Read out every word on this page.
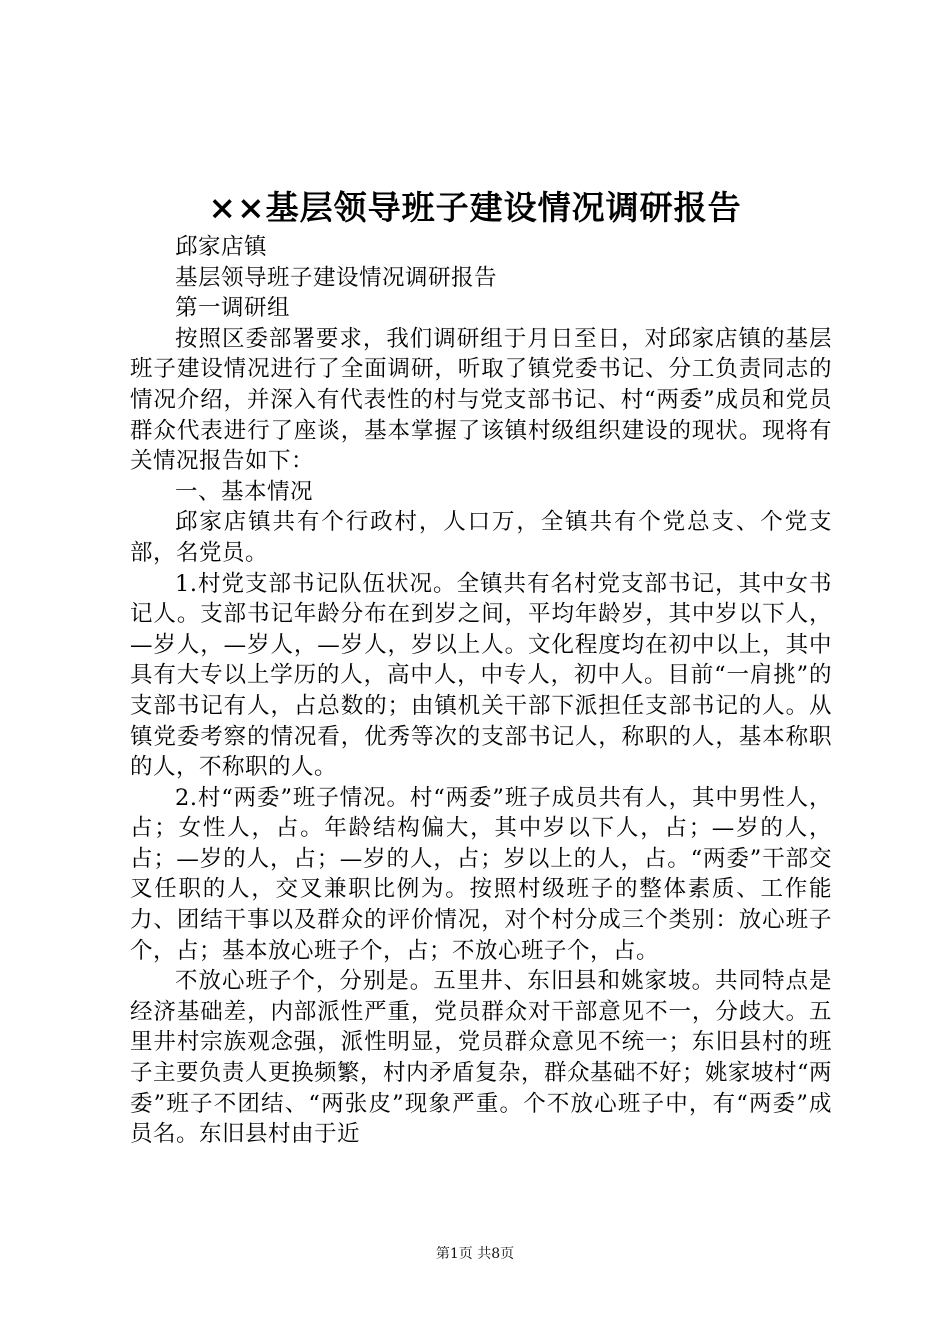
××基层领导班子建设情况调研报告

邱家店镇

基层领导班子建设情况调研报告

第一调研组

按照区委部署要求，我们调研组于月日至日，对邱家店镇的基层班子建设情况进行了全面调研，听取了镇党委书记、分工负责同志的情况介绍，并深入有代表性的村与党支部书记、村“两委”成员和党员群众代表进行了座谈，基本掌握了该镇村级组织建设的现状。现将有关情况报告如下：

一、基本情况

邱家店镇共有个行政村，人口万，全镇共有个党总支、个党支部，名党员。

1.村党支部书记队伍状况。全镇共有名村党支部书记，其中女书记人。支部书记年龄分布在到岁之间，平均年龄岁，其中岁以下人，—岁人，—岁人，—岁人，岁以上人。文化程度均在初中以上，其中具有大专以上学历的人，高中人，中专人，初中人。目前“一肩挑”的支部书记有人，占总数的；由镇机关干部下派担任支部书记的人。从镇党委考察的情况看，优秀等次的支部书记人，称职的人，基本称职的人，不称职的人。

2.村“两委”班子情况。村“两委”班子成员共有人，其中男性人，占；女性人，占。年龄结构偏大，其中岁以下人，占；—岁的人，占；—岁的人，占；—岁的人，占；岁以上的人，占。“两委”干部交叉任职的人，交叉兼职比例为。按照村级班子的整体素质、工作能力、团结干事以及群众的评价情况，对个村分成三个类别：放心班子个，占；基本放心班子个，占；不放心班子个，占。

不放心班子个，分别是。五里井、东旧县和姚家坡。共同特点是经济基础差，内部派性严重，党员群众对干部意见不一，分歧大。五里井村宗族观念强，派性明显，党员群众意见不统一；东旧县村的班子主要负责人更换频繁，村内矛盾复杂，群众基础不好；姚家坡村“两委”班子不团结、“两张皮”现象严重。个不放心班子中，有“两委”成员名。东旧县村由于近

第1页 共8页
